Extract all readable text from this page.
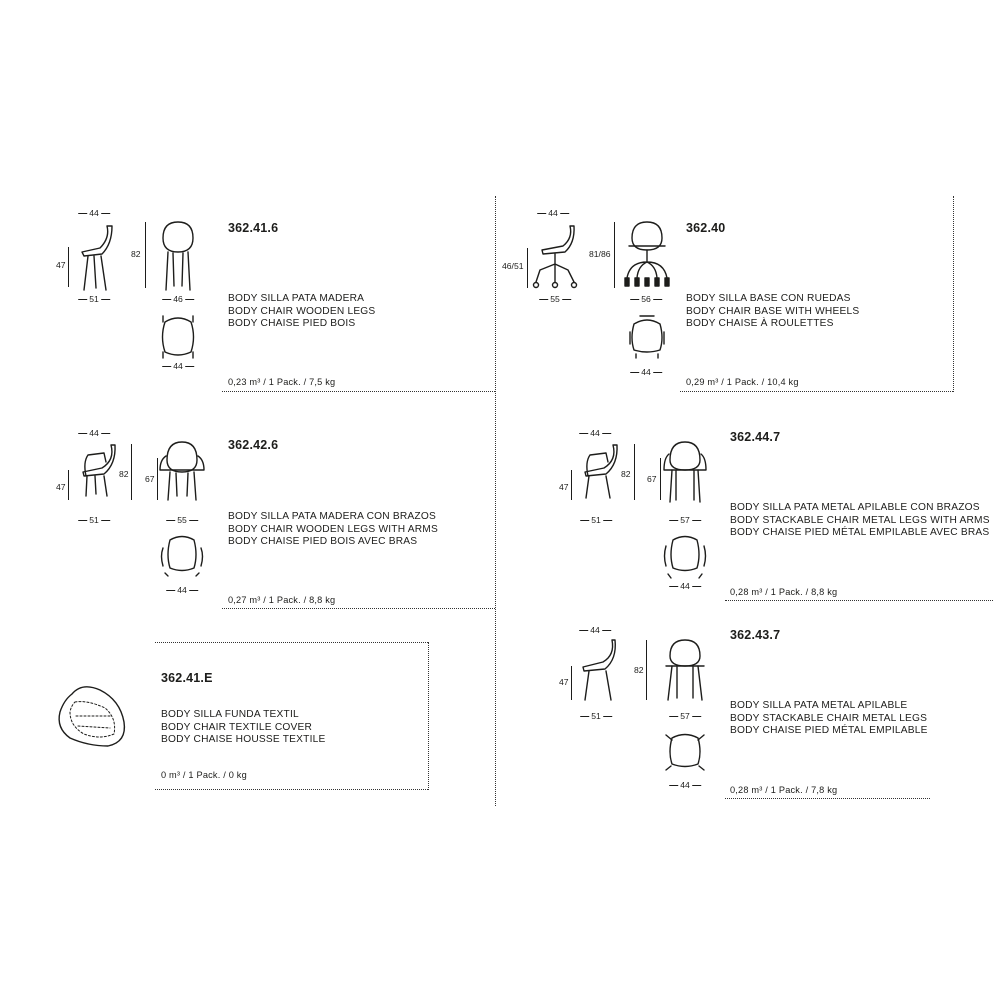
362.41.6
BODY SILLA PATA MADERA
BODY CHAIR WOODEN LEGS
BODY CHAISE PIED BOIS
0,23 m³ / 1 Pack. / 7,5 kg
44
47
82
51	46
44
362.40
BODY SILLA BASE CON RUEDAS
BODY CHAIR BASE WITH WHEELS
BODY CHAISE À ROULETTES
0,29 m³ / 1 Pack. / 10,4 kg
44
46/51
81/86
55	56
44
362.42.6
BODY SILLA PATA MADERA CON BRAZOS
BODY CHAIR WOODEN LEGS WITH ARMS
BODY CHAISE PIED BOIS AVEC BRAS
0,27 m³ / 1 Pack. / 8,8 kg
44
47
82 67
51	55
44
362.44.7
BODY SILLA PATA METAL APILABLE CON BRAZOS
BODY STACKABLE CHAIR METAL LEGS WITH ARMS
BODY CHAISE PIED MÉTAL EMPILABLE AVEC BRAS
0,28 m³ / 1 Pack. / 8,8 kg
44
47
82 67
51	57
44
362.41.E
BODY SILLA FUNDA TEXTIL
BODY CHAIR TEXTILE COVER
BODY CHAISE HOUSSE TEXTILE
0 m³ / 1 Pack. / 0 kg
362.43.7
BODY SILLA PATA METAL APILABLE
BODY STACKABLE CHAIR METAL LEGS
BODY CHAISE PIED MÉTAL EMPILABLE
0,28 m³ / 1 Pack. / 7,8 kg
44
47
82
51	57
44
